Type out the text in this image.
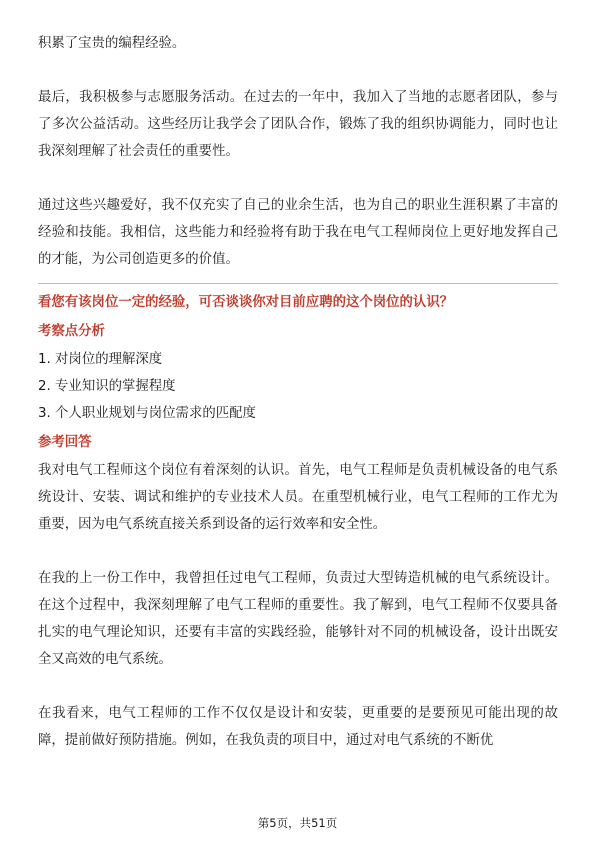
积累了宝贵的编程经验。

最后，我积极参与志愿服务活动。在过去的一年中，我加入了当地的志愿者团队，参与了多次公益活动。这些经历让我学会了团队合作，锻炼了我的组织协调能力，同时也让我深刻理解了社会责任的重要性。

通过这些兴趣爱好，我不仅充实了自己的业余生活，也为自己的职业生涯积累了丰富的经验和技能。我相信，这些能力和经验将有助于我在电气工程师岗位上更好地发挥自己的才能，为公司创造更多的价值。

看您有该岗位一定的经验，可否谈谈你对目前应聘的这个岗位的认识？

考察点分析

1. 对岗位的理解深度

2. 专业知识的掌握程度

3. 个人职业规划与岗位需求的匹配度

参考回答

我对电气工程师这个岗位有着深刻的认识。首先，电气工程师是负责机械设备的电气系统设计、安装、调试和维护的专业技术人员。在重型机械行业，电气工程师的工作尤为重要，因为电气系统直接关系到设备的运行效率和安全性。

在我的上一份工作中，我曾担任过电气工程师，负责过大型铸造机械的电气系统设计。在这个过程中，我深刻理解了电气工程师的重要性。我了解到，电气工程师不仅要具备扎实的电气理论知识，还要有丰富的实践经验，能够针对不同的机械设备，设计出既安全又高效的电气系统。

在我看来，电气工程师的工作不仅仅是设计和安装，更重要的是要预见可能出现的故障，提前做好预防措施。例如，在我负责的项目中，通过对电气系统的不断优

第5页，共51页
